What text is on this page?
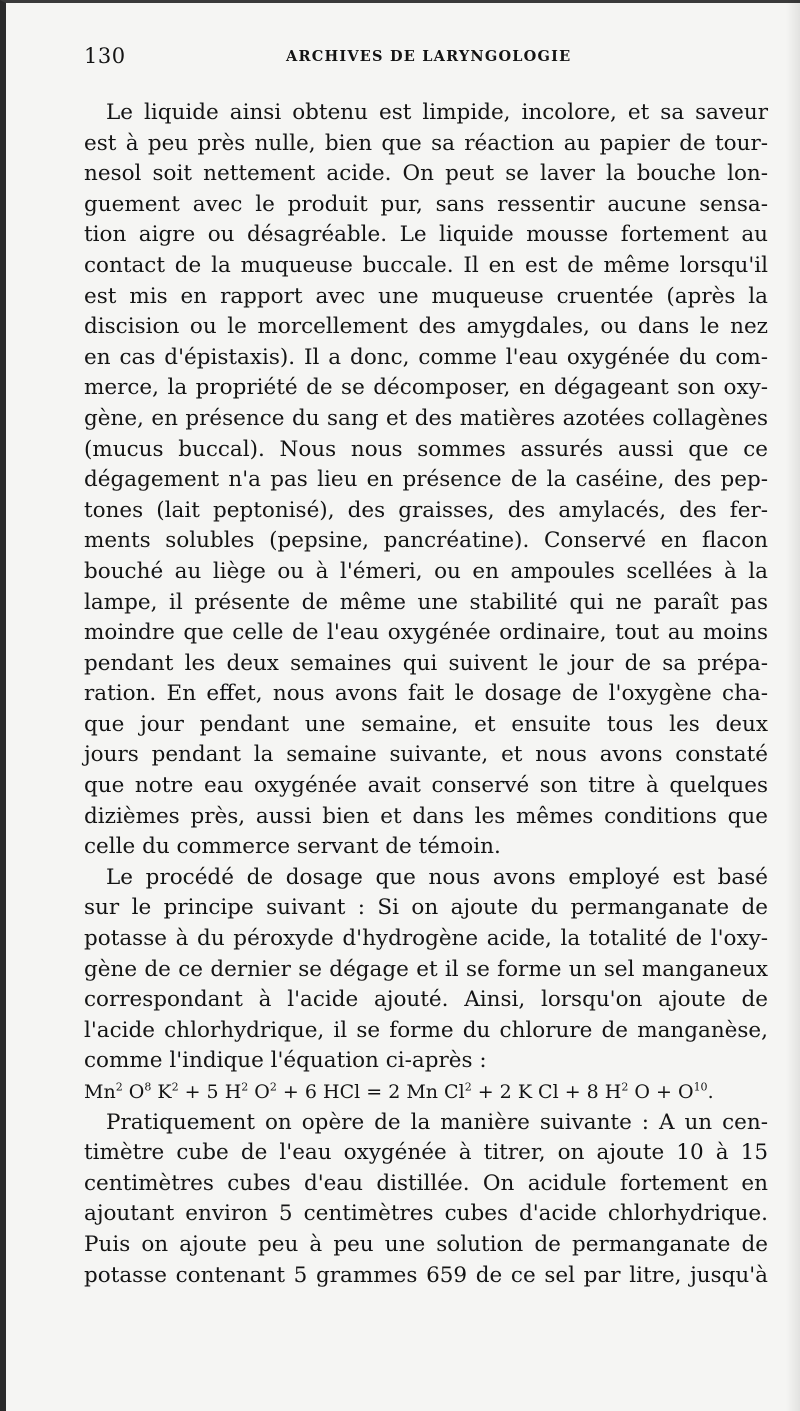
130	ARCHIVES DE LARYNGOLOGIE
Le liquide ainsi obtenu est limpide, incolore, et sa saveur
est à peu près nulle, bien que sa réaction au papier de tour-
nesol soit nettement acide. On peut se laver la bouche lon-
guement avec le produit pur, sans ressentir aucune sensa-
tion aigre ou désagréable. Le liquide mousse fortement au
contact de la muqueuse buccale. Il en est de même lorsqu'il
est mis en rapport avec une muqueuse cruentée (après la
discision ou le morcellement des amygdales, ou dans le nez
en cas d'épistaxis). Il a donc, comme l'eau oxygénée du com-
merce, la propriété de se décomposer, en dégageant son oxy-
gène, en présence du sang et des matières azotées collagènes
(mucus buccal). Nous nous sommes assurés aussi que ce
dégagement n'a pas lieu en présence de la caséine, des pep-
tones (lait peptonisé), des graisses, des amylacés, des fer-
ments solubles (pepsine, pancréatine). Conservé en flacon
bouché au liège ou à l'émeri, ou en ampoules scellées à la
lampe, il présente de même une stabilité qui ne paraît pas
moindre que celle de l'eau oxygénée ordinaire, tout au moins
pendant les deux semaines qui suivent le jour de sa prépa-
ration. En effet, nous avons fait le dosage de l'oxygène cha-
que jour pendant une semaine, et ensuite tous les deux
jours pendant la semaine suivante, et nous avons constaté
que notre eau oxygénée avait conservé son titre à quelques
dizièmes près, aussi bien et dans les mêmes conditions que
celle du commerce servant de témoin.
Le procédé de dosage que nous avons employé est basé
sur le principe suivant : Si on ajoute du permanganate de
potasse à du péroxyde d'hydrogène acide, la totalité de l'oxy-
gène de ce dernier se dégage et il se forme un sel manganeux
correspondant à l'acide ajouté. Ainsi, lorsqu'on ajoute de
l'acide chlorhydrique, il se forme du chlorure de manganèse,
comme l'indique l'équation ci-après :
Mn$^2$ $O^8$ $K^2 + 5$ $H^2$ $O^2 + 6$ HCl = 2 Mn $Cl^2 + 2$ K Cl + 8 $H^2$ $O + O^{10}$.
Pratiquement on opère de la manière suivante : A un cen-
timètre cube de l'eau oxygénée à titrer, on ajoute 10 à 15
centimètres cubes d'eau distillée. On acidule fortement en
ajoutant environ 5 centimètres cubes d'acide chlorhydrique.
Puis on ajoute peu à peu une solution de permanganate de
potasse contenant 5 grammes 659 de ce sel par litre, jusqu'à
